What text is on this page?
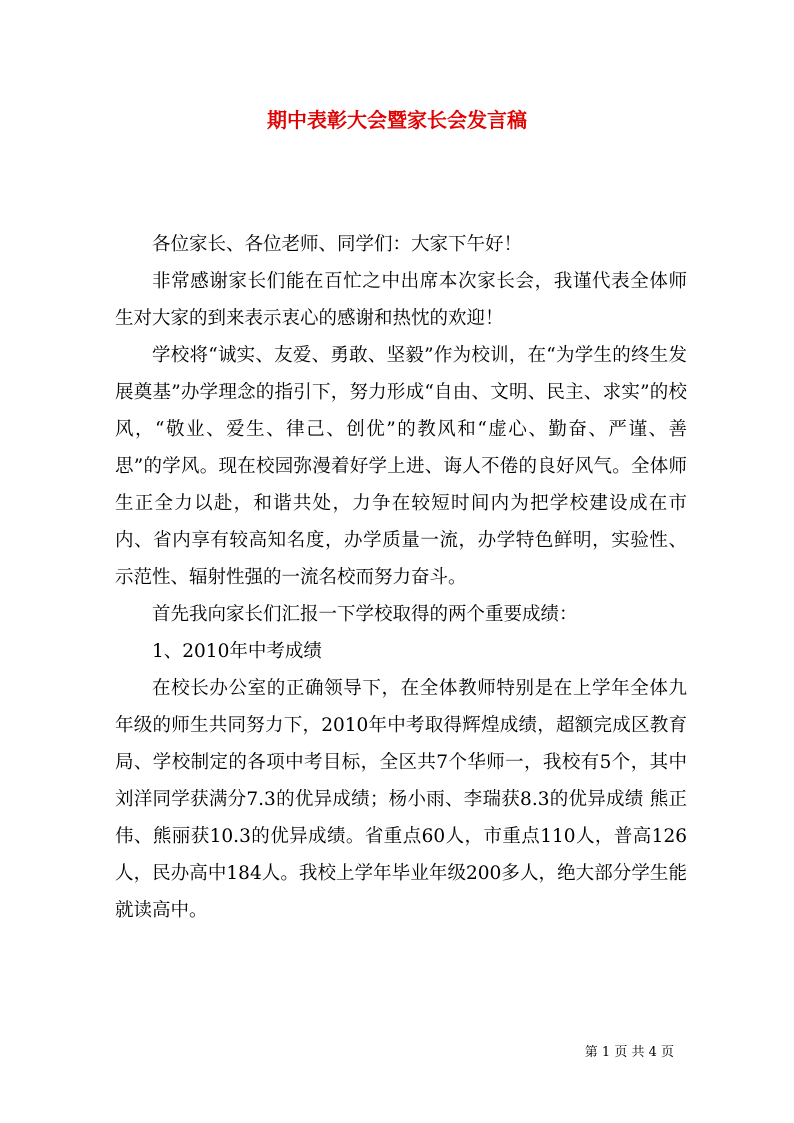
期中表彰大会暨家长会发言稿

各位家长、各位老师、同学们：大家下午好！

非常感谢家长们能在百忙之中出席本次家长会，我谨代表全体师生对大家的到来表示衷心的感谢和热忱的欢迎！

学校将“诚实、友爱、勇敢、坚毅”作为校训，在“为学生的终生发展奠基”办学理念的指引下，努力形成“自由、文明、民主、求实”的校风，“敬业、爱生、律己、创优”的教风和“虚心、勤奋、严谨、善思”的学风。现在校园弥漫着好学上进、诲人不倦的良好风气。全体师生正全力以赴，和谐共处，力争在较短时间内为把学校建设成在市内、省内享有较高知名度，办学质量一流，办学特色鲜明，实验性、示范性、辐射性强的一流名校而努力奋斗。

首先我向家长们汇报一下学校取得的两个重要成绩：

1、2010年中考成绩

在校长办公室的正确领导下，在全体教师特别是在上学年全体九年级的师生共同努力下，2010年中考取得辉煌成绩，超额完成区教育局、学校制定的各项中考目标，全区共7个华师一，我校有5个，其中刘洋同学获满分7.3的优异成绩；杨小雨、李瑞获8.3的优异成绩 熊正伟、熊丽获10.3的优异成绩。省重点60人，市重点110人，普高126人，民办高中184人。我校上学年毕业年级200多人，绝大部分学生能就读高中。

第 1 页 共 4 页
